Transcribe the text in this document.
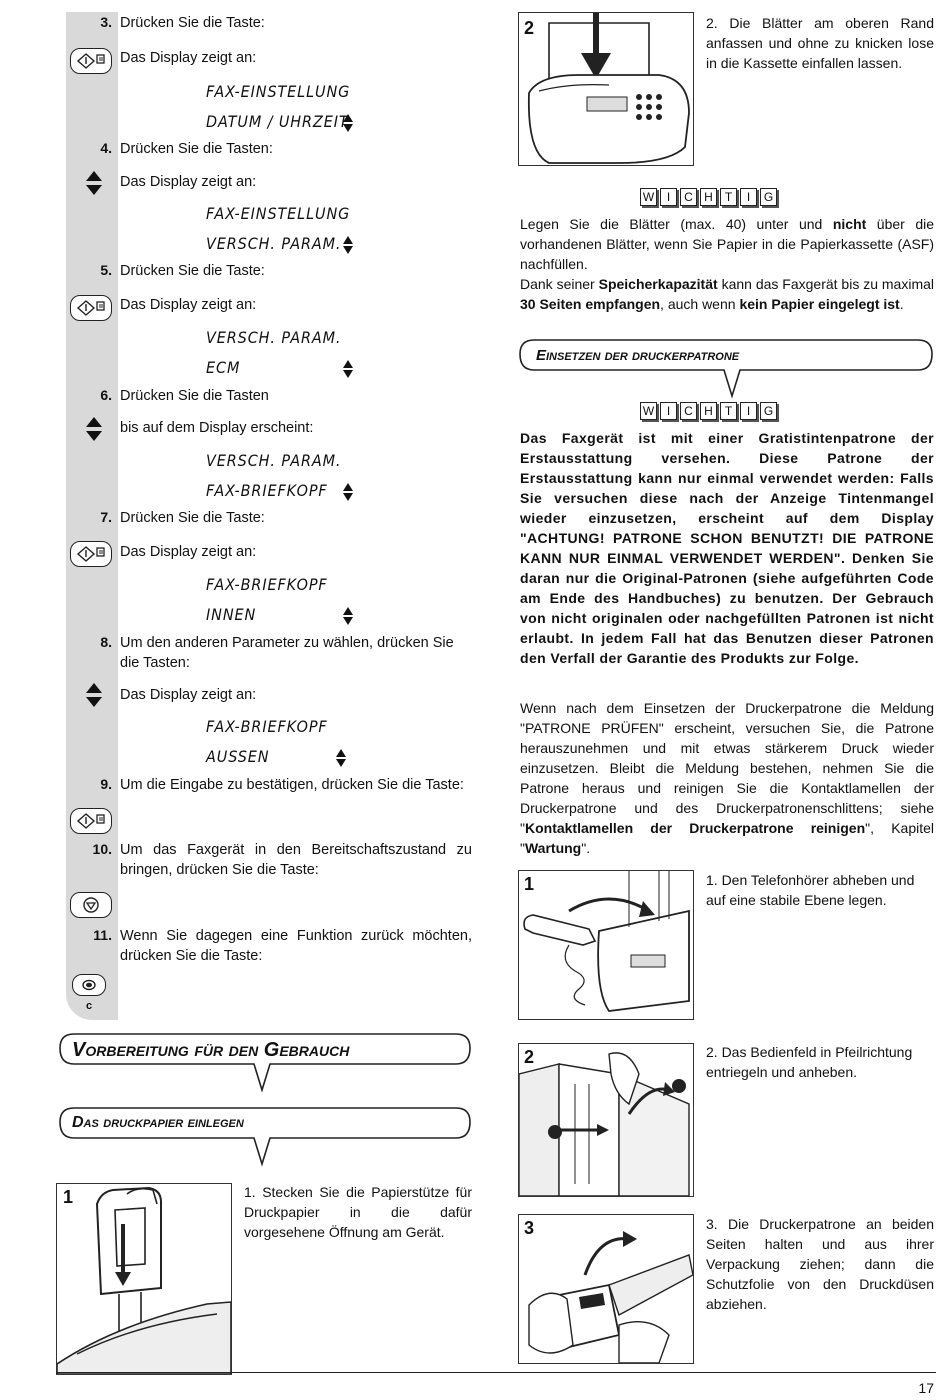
3. Drücken Sie die Taste:
Das Display zeigt an:
FAX-EINSTELLUNG
DATUM / UHRZEIT
4. Drücken Sie die Tasten:
Das Display zeigt an:
FAX-EINSTELLUNG
VERSCH. PARAM.
5. Drücken Sie die Taste:
Das Display zeigt an:
VERSCH. PARAM.
ECM
6. Drücken Sie die Tasten
bis auf dem Display erscheint:
VERSCH. PARAM.
FAX-BRIEFKOPF
7. Drücken Sie die Taste:
Das Display zeigt an:
FAX-BRIEFKOPF
INNEN
8. Um den anderen Parameter zu wählen, drücken Sie die Tasten:
Das Display zeigt an:
FAX-BRIEFKOPF
AUSSEN
9. Um die Eingabe zu bestätigen, drücken Sie die Taste:
10. Um das Faxgerät in den Bereitschaftszustand zu bringen, drücken Sie die Taste:
11. Wenn Sie dagegen eine Funktion zurück möchten, drücken Sie die Taste:
c
Vorbereitung für den Gebrauch
Das druckpapier einlegen
1	1. Stecken Sie die Papierstütze für Druckpapier in die dafür vorgesehene Öffnung am Gerät.
2	2. Die Blätter am oberen Rand anfassen und ohne zu knicken lose in die Kassette einfallen lassen.
W	I	C H	T	I	G
Legen Sie die Blätter (max. 40) unter und nicht über die vorhandenen Blätter, wenn Sie Papier in die Papierkassette (ASF) nachfüllen.
Dank seiner Speicherkapazität kann das Faxgerät bis zu maximal 30 Seiten empfangen, auch wenn kein Papier eingelegt ist.
Einsetzen der druckerpatrone
W	I	C H	T	I	G
Das Faxgerät ist mit einer Gratistintenpatrone der Erstausstattung versehen. Diese Patrone der Erstausstattung kann nur einmal verwendet werden: Falls Sie versuchen diese nach der Anzeige Tintenmangel wieder einzusetzen, erscheint auf dem Display "ACHTUNG! PATRONE SCHON BENUTZT! DIE PATRONE KANN NUR EINMAL VERWENDET WERDEN". Denken Sie daran nur die Original-Patronen (siehe aufgeführten Code am Ende des Handbuches) zu benutzen. Der Gebrauch von nicht originalen oder nachgefüllten Patronen ist nicht erlaubt. In jedem Fall hat das Benutzen dieser Patronen den Verfall der Garantie des Produkts zur Folge.
Wenn nach dem Einsetzen der Druckerpatrone die Meldung "PATRONE PRÜFEN" erscheint, versuchen Sie, die Patrone herauszunehmen und mit etwas stärkerem Druck wieder einzusetzen. Bleibt die Meldung bestehen, nehmen Sie die Patrone heraus und reinigen Sie die Kontaktlamellen der Druckerpatrone und des Druckerpatronenschlittens; siehe "Kontaktlamellen der Druckerpatrone reinigen", Kapitel "Wartung".
1	1. Den Telefonhörer abheben und auf eine stabile Ebene legen.
2	2. Das Bedienfeld in Pfeilrichtung entriegeln und anheben.
3	3. Die Druckerpatrone an beiden Seiten halten und aus ihrer Verpackung ziehen; dann die Schutzfolie von den Druckdüsen abziehen.
17
